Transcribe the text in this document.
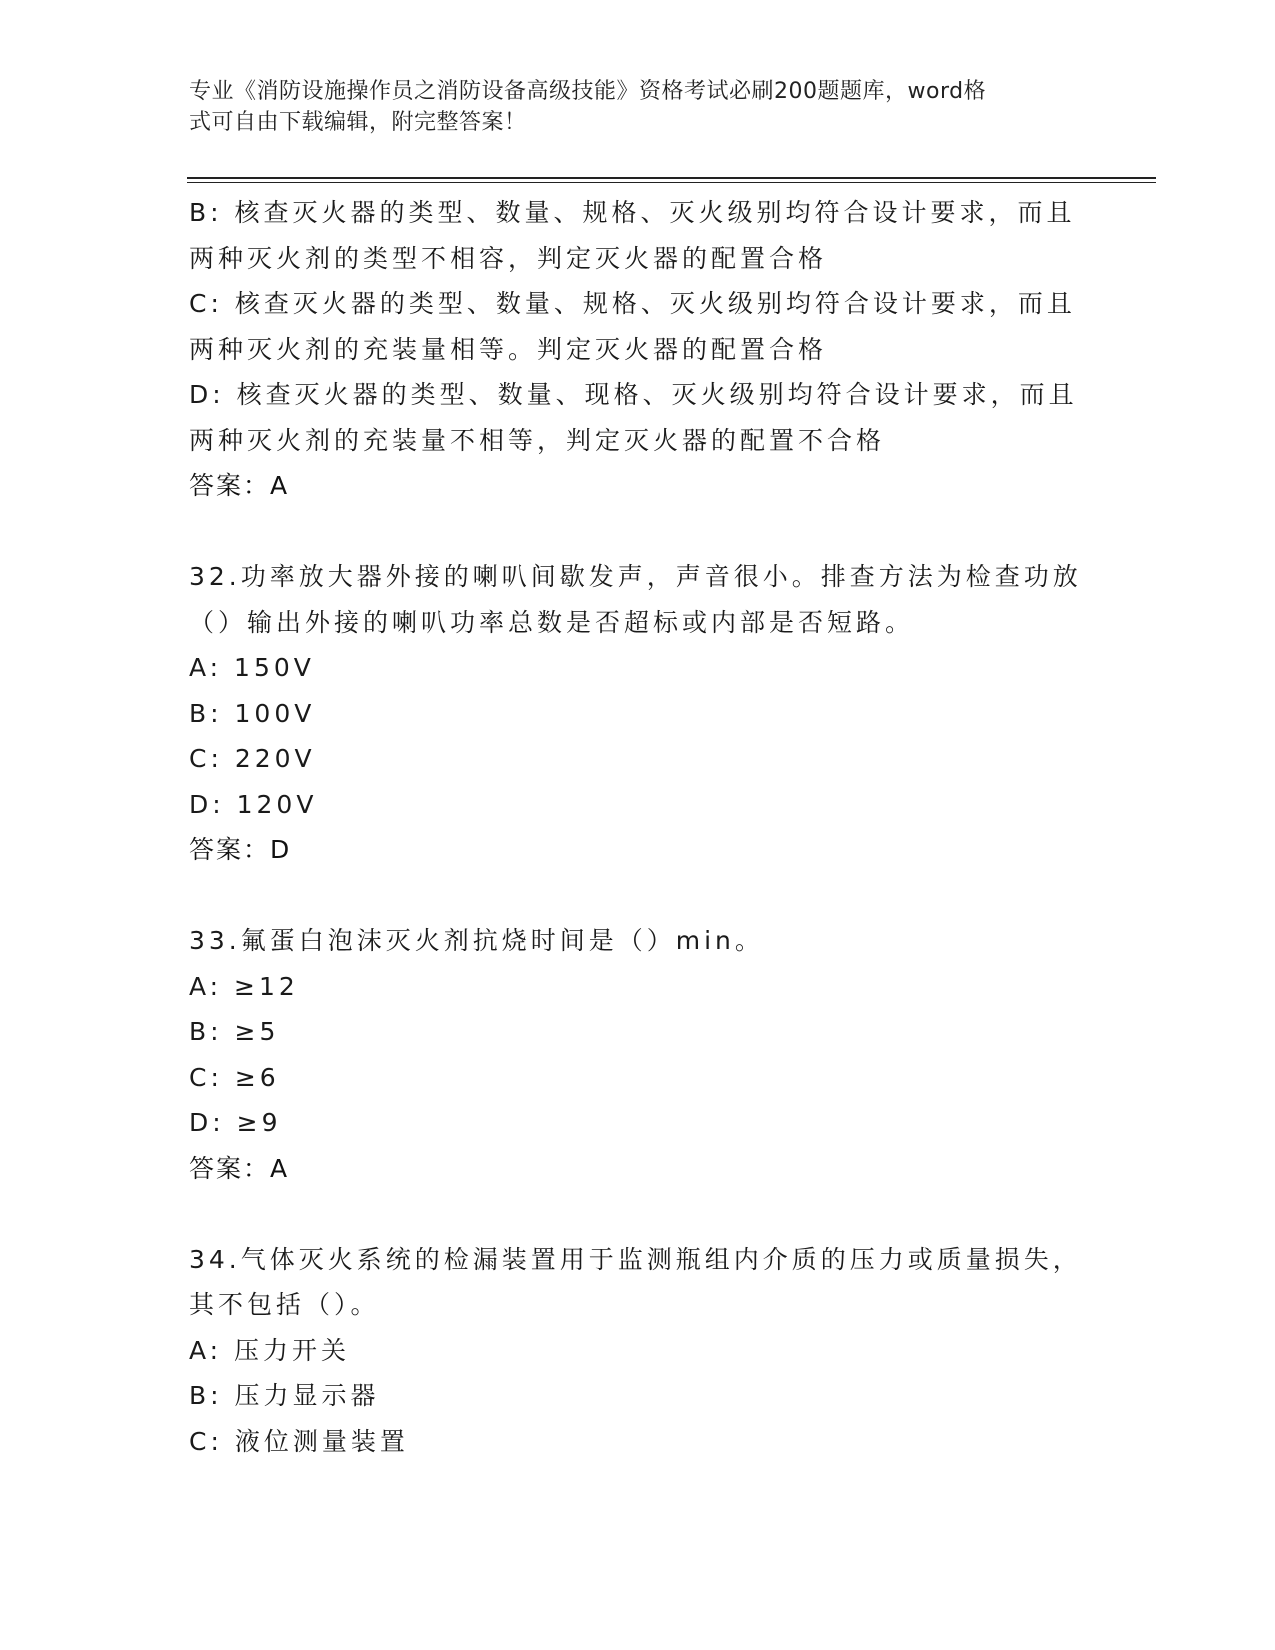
专业《消防设施操作员之消防设备高级技能》资格考试必刷200题题库，word格
式可自由下载编辑，附完整答案！
B: 核查灭火器的类型、数量、规格、灭火级别均符合设计要求，而且
两种灭火剂的类型不相容，判定灭火器的配置合格
C: 核查灭火器的类型、数量、规格、灭火级别均符合设计要求，而且
两种灭火剂的充装量相等。判定灭火器的配置合格
D: 核查灭火器的类型、数量、现格、灭火级别均符合设计要求，而且
两种灭火剂的充装量不相等，判定灭火器的配置不合格
答案：A
32.功率放大器外接的喇叭间歇发声，声音很小。排查方法为检查功放
（）输出外接的喇叭功率总数是否超标或内部是否短路。
A: 150V
B: 100V
C: 220V
D: 120V
答案：D
33.氟蛋白泡沫灭火剂抗烧时间是（）min。
A: ≥12
B: ≥5
C: ≥6
D: ≥9
答案：A
34.气体灭火系统的检漏装置用于监测瓶组内介质的压力或质量损失，
其不包括（）。
A: 压力开关
B: 压力显示器
C: 液位测量装置
